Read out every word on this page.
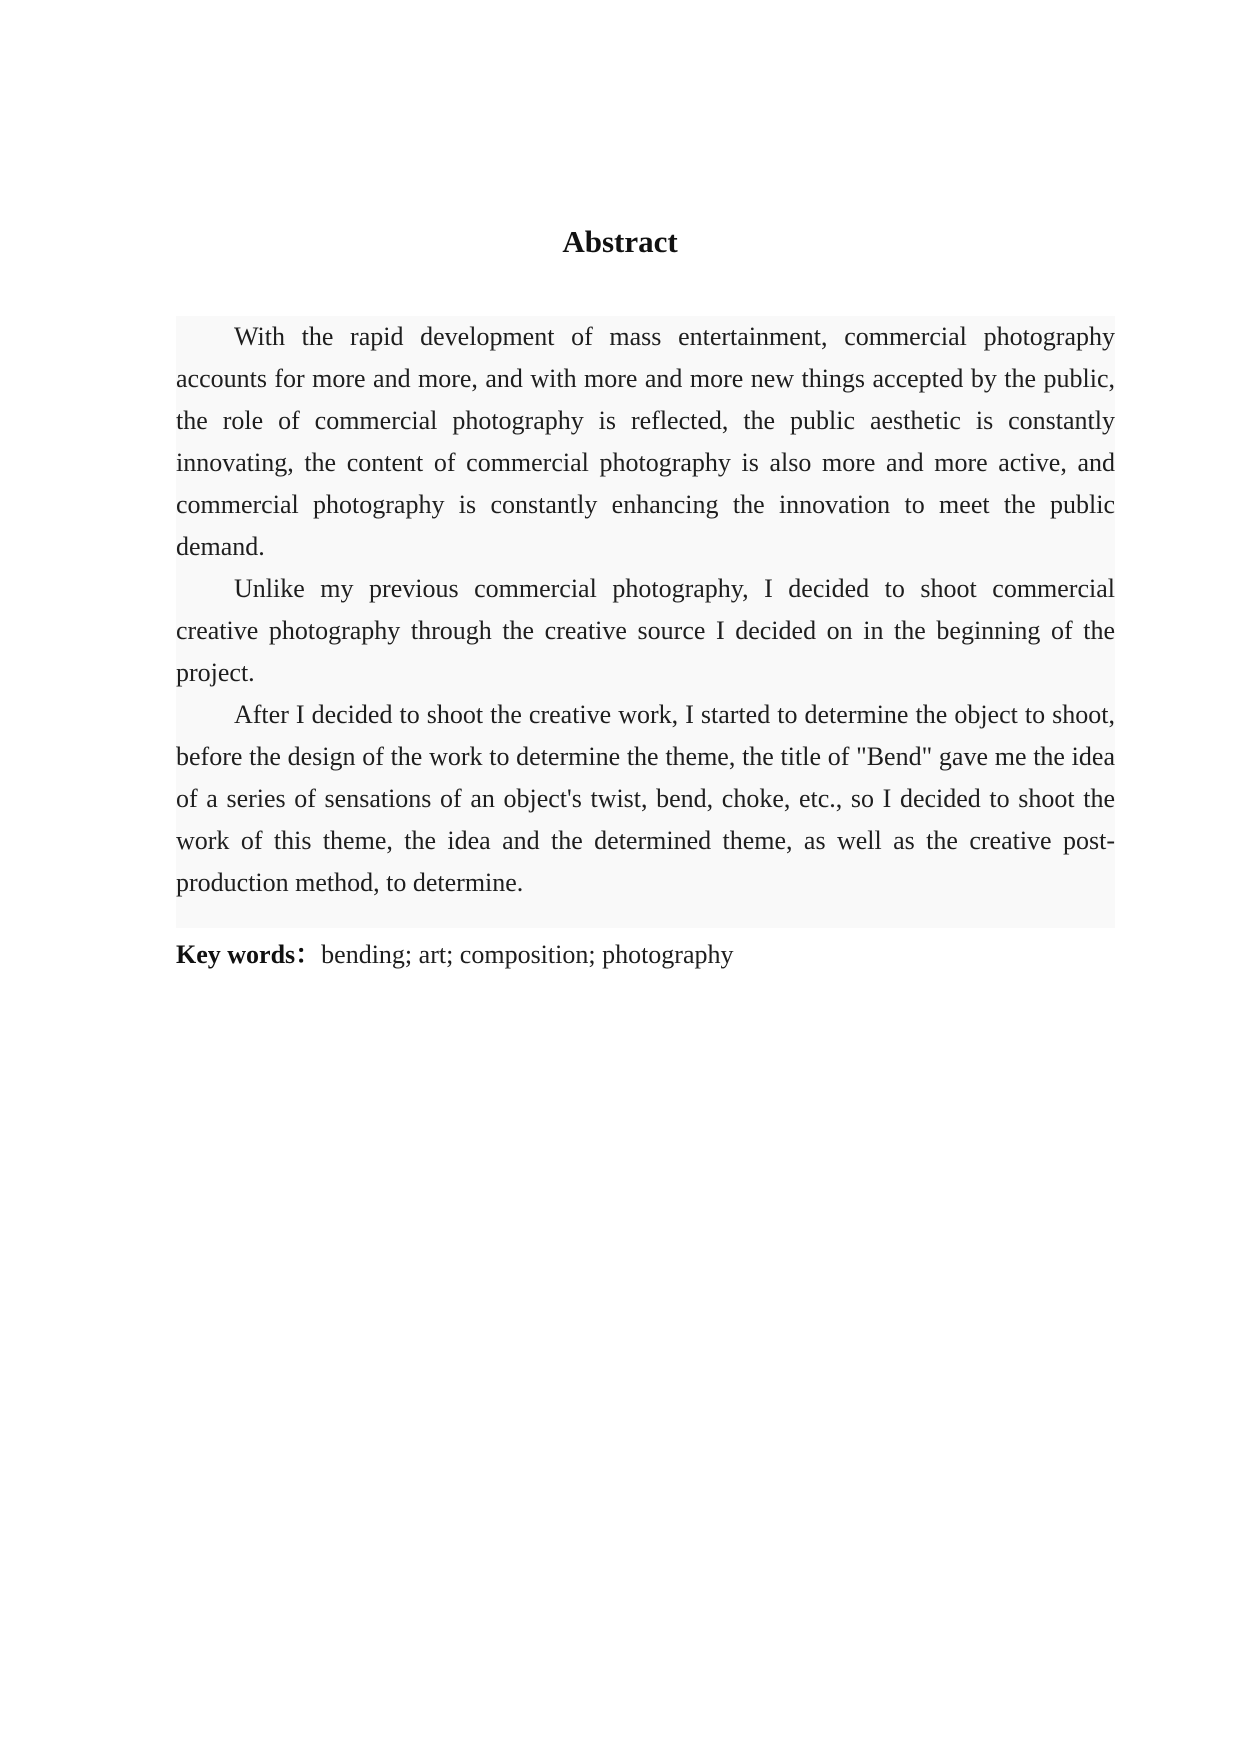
Abstract

With the rapid development of mass entertainment, commercial photography accounts for more and more, and with more and more new things accepted by the public, the role of commercial photography is reflected, the public aesthetic is constantly innovating, the content of commercial photography is also more and more active, and commercial photography is constantly enhancing the innovation to meet the public demand.

Unlike my previous commercial photography, I decided to shoot commercial creative photography through the creative source I decided on in the beginning of the project.

After I decided to shoot the creative work, I started to determine the object to shoot, before the design of the work to determine the theme, the title of "Bend" gave me the idea of a series of sensations of an object's twist, bend, choke, etc., so I decided to shoot the work of this theme, the idea and the determined theme, as well as the creative post-production method, to determine.

Key words：bending; art; composition; photography
